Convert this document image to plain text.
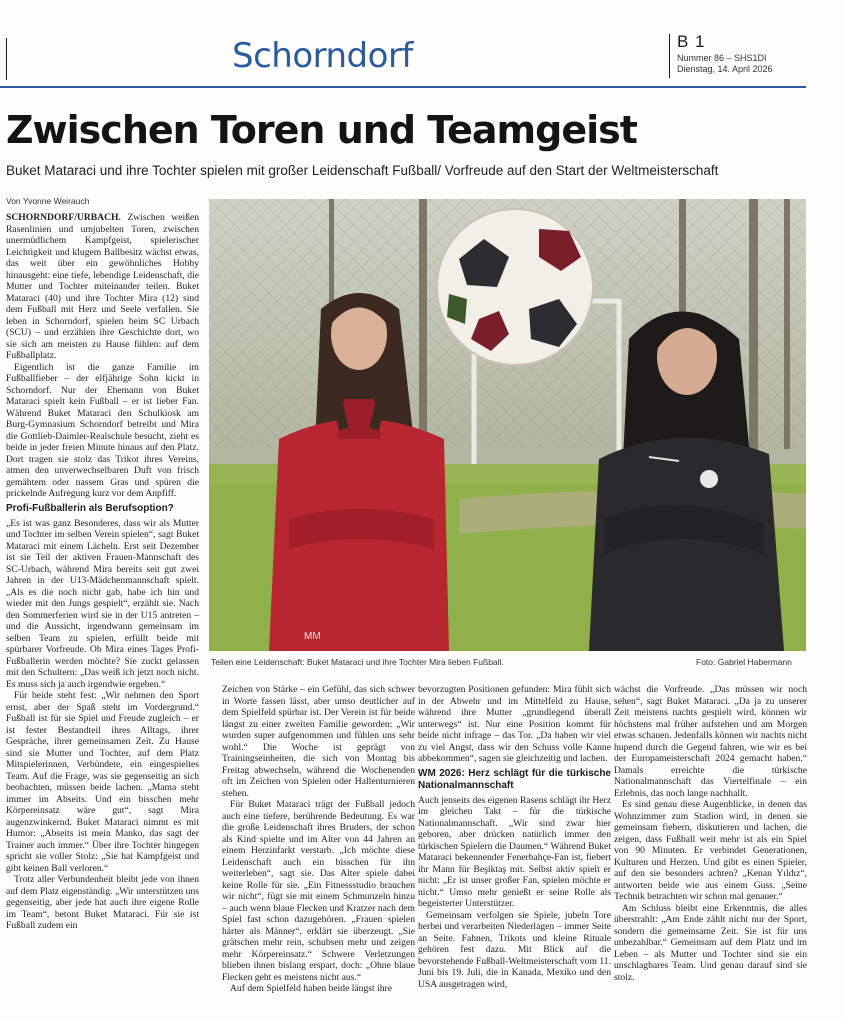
Schorndorf	B 1
Nummer 86 – SHS1DI
Dienstag, 14. April 2026
Zwischen Toren und Teamgeist
Buket Mataraci und ihre Tochter spielen mit großer Leidenschaft Fußball/ Vorfreude auf den Start der Weltmeisterschaft
Von Yvonne Weirauch

SCHORNDORF/URBACH. Zwischen weißen Rasenlinien und umjubelten Toren, zwischen unermüdlichem Kampfgeist, spielerischer Leichtigkeit und klugem Ballbesitz wächst etwas, das weit über ein gewöhnliches Hobby hinausgeht: eine tiefe, lebendige Leidenschaft, die Mutter und Tochter miteinander teilen. Buket Mataraci (40) und ihre Tochter Mira (12) sind dem Fußball mit Herz und Seele verfallen. Sie leben in Schorndorf, spielen beim SC Urbach (SCU) – und erzählen ihre Geschichte dort, wo sie sich am meisten zu Hause fühlen: auf dem Fußballplatz.

Eigentlich ist die ganze Familie im Fußballfieber – der elfjährige Sohn kickt in Schorndorf. Nur der Ehemann von Buket Mataraci spielt kein Fußball – er ist lieber Fan. Während Buket Mataraci den Schulkiosk am Burg-Gymnasium Schorndorf betreibt und Mira die Gottlieb-Daimler-Realschule besucht, zieht es beide in jeder freien Minute hinaus auf den Platz. Dort tragen sie stolz das Trikot ihres Vereins, atmen den unverwechselbaren Duft von frisch gemähtem oder nassem Gras und spüren die prickelnde Aufregung kurz vor dem Anpfiff.

Profi-Fußballerin als Berufsoption?

„Es ist was ganz Besonderes, dass wir als Mutter und Tochter im selben Verein spielen“, sagt Buket Mataraci mit einem Lächeln. Erst seit Dezember ist sie Teil der aktiven Frauen-Mannschaft des SC-Urbach, während Mira bereits seit gut zwei Jahren in der U13-Mädchenmannschaft spielt. „Als es die noch nicht gab, habe ich hin und wieder mit den Jungs gespielt“, erzählt sie. Nach den Sommerferien wird sie in der U15 antreten – und die Aussicht, irgendwann gemeinsam im selben Team zu spielen, erfüllt beide mit spürbarer Vorfreude. Ob Mira eines Tages Profi-Fußballerin werden möchte? Sie zuckt gelassen mit den Schultern: „Das weiß ich jetzt noch nicht. Es muss sich ja auch irgendwie ergeben.“

Für beide steht fest: „Wir nehmen den Sport ernst, aber der Spaß steht im Vordergrund.“ Fußball ist für sie Spiel und Freude zugleich – er ist fester Bestandteil ihres Alltags, ihrer Gespräche, ihrer gemeinsamen Zeit. Zu Hause sind sie Mutter und Tochter, auf dem Platz Mitspielerinnen, Verbündete, ein eingespieltes Team. Auf die Frage, was sie gegenseitig an sich beobachten, müssen beide lachen. „Mama steht immer im Abseits. Und ein bisschen mehr Körpereinsatz wäre gut“, sagt Mira augenzwinkernd. Buket Mataraci nimmt es mit Humor: „Abseits ist mein Manko, das sagt der Trainer auch immer.“ Über ihre Tochter hingegen spricht sie voller Stolz: „Sie hat Kampfgeist und gibt keinen Ball verloren.“

Trotz aller Verbundenheit bleibt jede von ihnen auf dem Platz eigenständig. „Wir unterstützen uns gegenseitig, aber jede hat auch ihre eigene Rolle im Team“, betont Buket Mataraci. Für sie ist Fußball zudem ein

MM
Teilen eine Leidenschaft: Buket Mataraci und ihre Tochter Mira lieben Fußball.	Foto: Gabriel Habermann

Zeichen von Stärke – ein Gefühl, das sich schwer in Worte fassen lässt, aber umso deutlicher auf dem Spielfeld spürbar ist. Der Verein ist für beide längst zu einer zweiten Familie geworden: „Wir wurden super aufgenommen und fühlen uns sehr wohl.“ Die Woche ist geprägt von Trainingseinheiten, die sich von Montag bis Freitag abwechseln, während die Wochenenden oft im Zeichen von Spielen oder Hallenturnieren stehen.

Für Buket Mataraci trägt der Fußball jedoch auch eine tiefere, berührende Bedeutung. Es war die große Leidenschaft ihres Bruders, der schon als Kind spielte und im Alter von 44 Jahren an einem Herzinfarkt verstarb. „Ich möchte diese Leidenschaft auch ein bisschen für ihn weiterleben“, sagt sie. Das Alter spiele dabei keine Rolle für sie. „Ein Fitnessstudio brauchen wir nicht“, fügt sie mit einem Schmunzeln hinzu – auch wenn blaue Flecken und Kratzer nach dem Spiel fast schon dazugehören. „Frauen spielen härter als Männer“, erklärt sie überzeugt. „Sie grätschen mehr rein, schubsen mehr und zeigen mehr Körpereinsatz.“ Schwere Verletzungen blieben ihnen bislang erspart, doch: „Ohne blaue Flecken geht es meistens nicht aus.“

Auf dem Spielfeld haben beide längst ihre

bevorzugten Positionen gefunden: Mira fühlt sich in der Abwehr und im Mittelfeld zu Hause, während ihre Mutter „grundlegend überall unterwegs“ ist. Nur eine Position kommt für beide nicht infrage – das Tor. „Da haben wir viel zu viel Angst, dass wir den Schuss volle Kanne abbekommen“, sagen sie gleichzeitig und lachen.

WM 2026: Herz schlägt für die türkische Nationalmannschaft

Auch jenseits des eigenen Rasens schlägt ihr Herz im gleichen Takt – für die türkische Nationalmannschaft. „Wir sind zwar hier geboren, aber drücken natürlich immer den türkischen Spielern die Daumen.“ Während Buket Mataraci bekennender Fenerbahçe-Fan ist, fiebert ihr Mann für Beşiktaş mit. Selbst aktiv spielt er nicht: „Er ist unser großer Fan, spielen möchte er nicht.“ Umso mehr genießt er seine Rolle als begeisterter Unterstützer.

Gemeinsam verfolgen sie Spiele, jubeln Tore herbei und verarbeiten Niederlagen – immer Seite an Seite. Fahnen, Trikots und kleine Rituale gehören fest dazu. Mit Blick auf die bevorstehende Fußball-Weltmeisterschaft vom 11. Juni bis 19. Juli, die in Kanada, Mexiko und den USA ausgetragen wird,

wächst die Vorfreude. „Das müssen wir noch sehen“, sagt Buket Mataraci. „Da ja zu unserer Zeit meistens nachts gespielt wird, können wir höchstens mal früher aufstehen und am Morgen etwas schauen. Jedenfalls können wir nachts nicht hupend durch die Gegend fahren, wie wir es bei der Europameisterschaft 2024 gemacht haben.“ Damals erreichte die türkische Nationalmannschaft das Viertelfinale – ein Erlebnis, das noch lange nachhallt.

Es sind genau diese Augenblicke, in denen das Wohnzimmer zum Stadion wird, in denen sie gemeinsam fiebern, diskutieren und lachen, die zeigen, dass Fußball weit mehr ist als ein Spiel von 90 Minuten. Er verbindet Generationen, Kulturen und Herzen. Und gibt es einen Spieler, auf den sie besonders achten? „Kenan Yıldız“, antworten beide wie aus einem Guss. „Seine Technik betrachten wir schon mal genauer.“

Am Schluss bleibt eine Erkenntnis, die alles überstrahlt: „Am Ende zählt nicht nur der Sport, sondern die gemeinsame Zeit. Sie ist für uns unbezahlbar.“ Gemeinsam auf dem Platz und im Leben – als Mutter und Tochter sind sie ein unschlagbares Team. Und genau darauf sind sie stolz.
